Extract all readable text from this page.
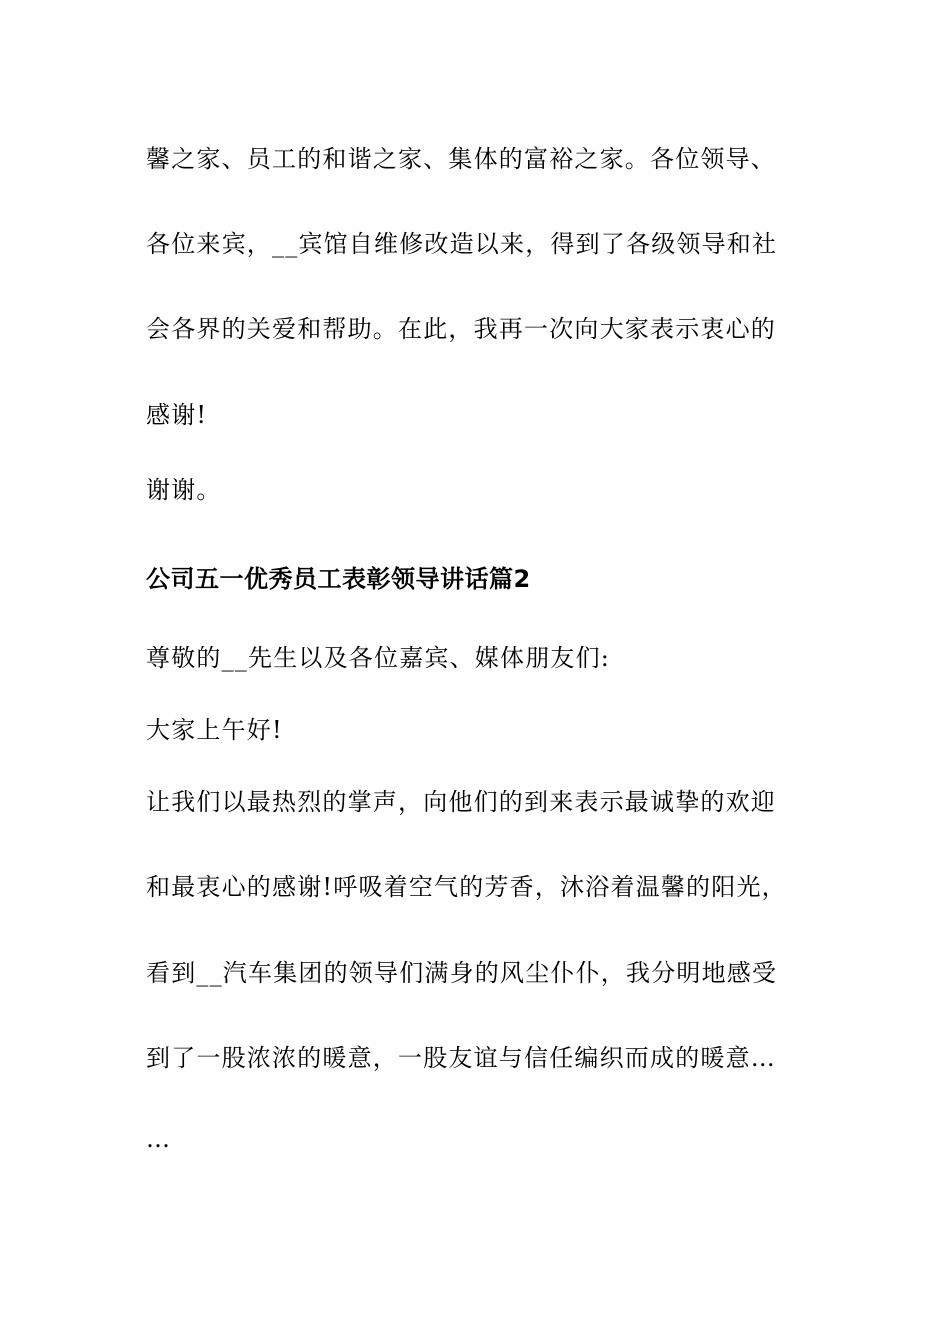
馨之家、员工的和谐之家、集体的富裕之家。各位领导、
各位来宾，__宾馆自维修改造以来，得到了各级领导和社
会各界的关爱和帮助。在此，我再一次向大家表示衷心的
感谢!
谢谢。
公司五一优秀员工表彰领导讲话篇2
尊敬的__先生以及各位嘉宾、媒体朋友们:
大家上午好!
让我们以最热烈的掌声，向他们的到来表示最诚挚的欢迎
和最衷心的感谢!呼吸着空气的芳香，沐浴着温馨的阳光，
看到__汽车集团的领导们满身的风尘仆仆，我分明地感受
到了一股浓浓的暖意，一股友谊与信任编织而成的暖意…
…
